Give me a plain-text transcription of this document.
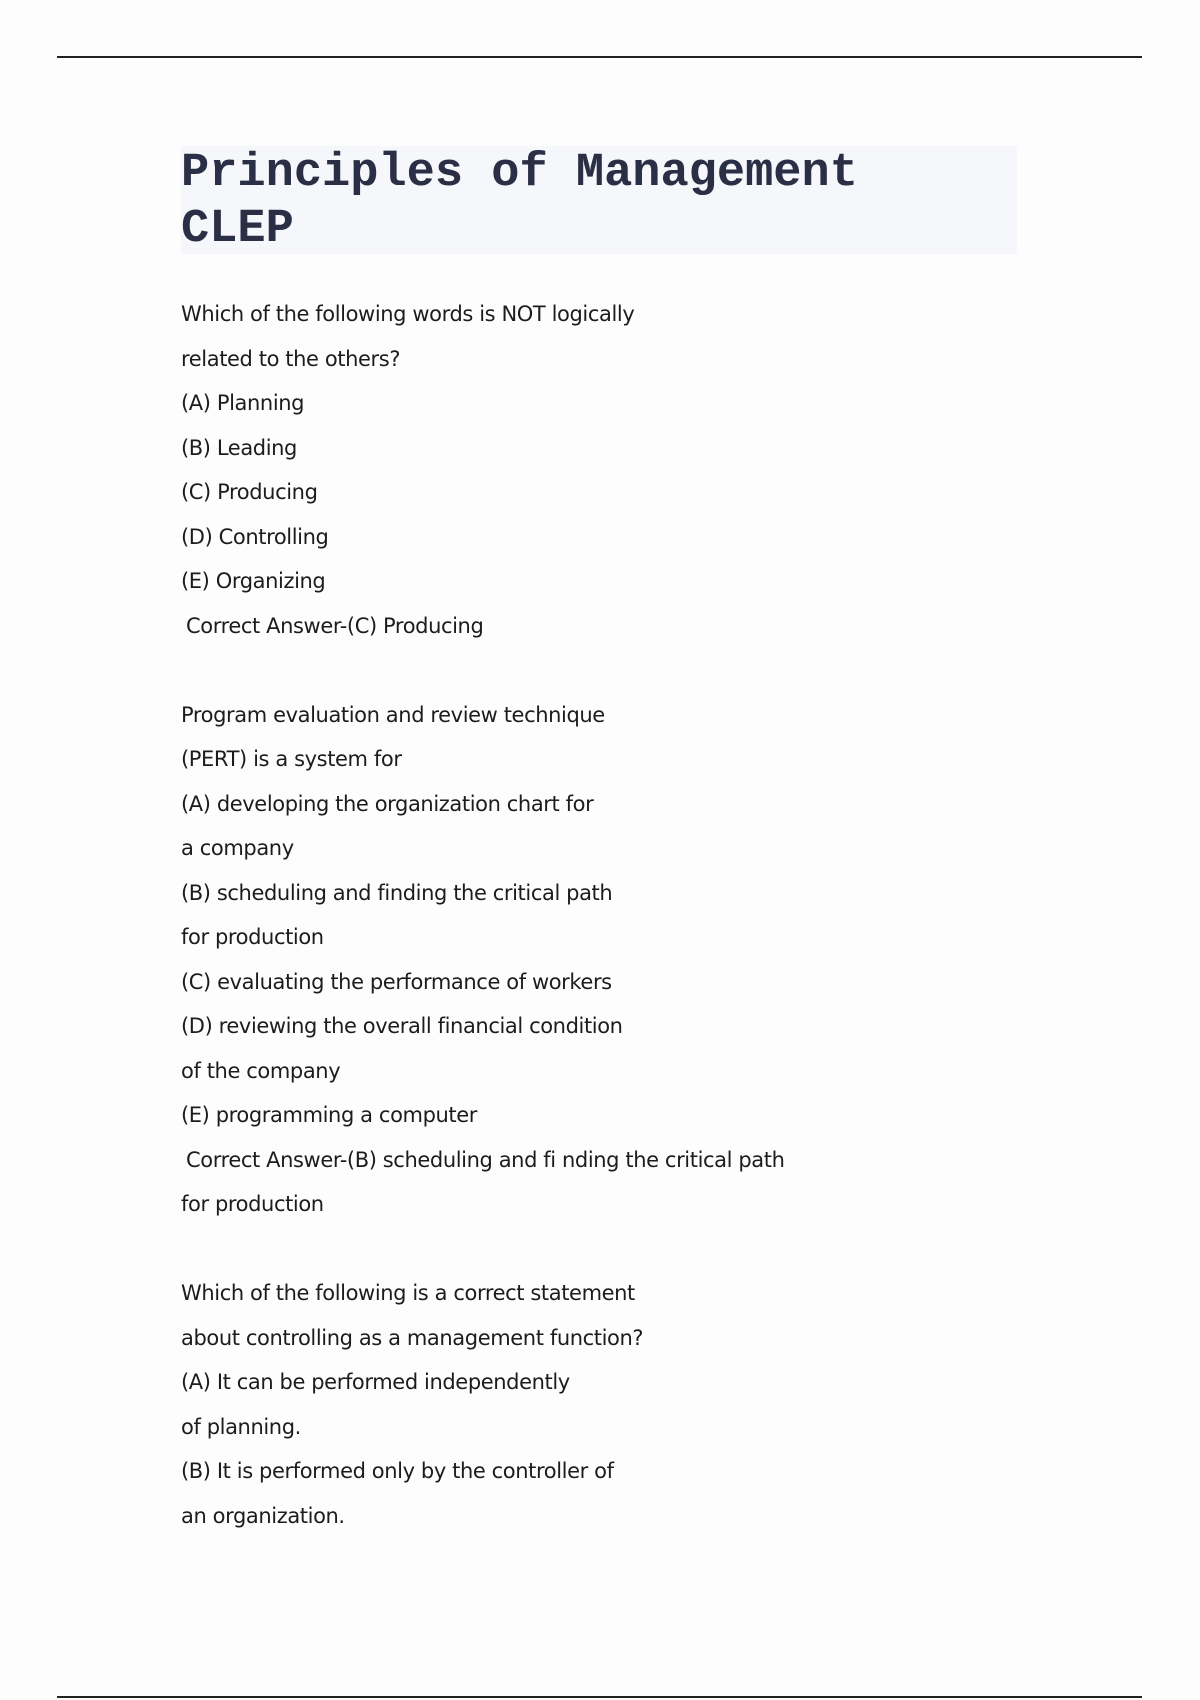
Principles of Management
CLEP
Which of the following words is NOT logically
related to the others?
(A) Planning
(B) Leading
(C) Producing
(D) Controlling
(E) Organizing
Correct Answer-(C) Producing
Program evaluation and review technique
(PERT) is a system for
(A) developing the organization chart for
a company
(B) scheduling and finding the critical path
for production
(C) evaluating the performance of workers
(D) reviewing the overall financial condition
of the company
(E) programming a computer
Correct Answer-(B) scheduling and fi nding the critical path
for production
Which of the following is a correct statement
about controlling as a management function?
(A) It can be performed independently
of planning.
(B) It is performed only by the controller of
an organization.
